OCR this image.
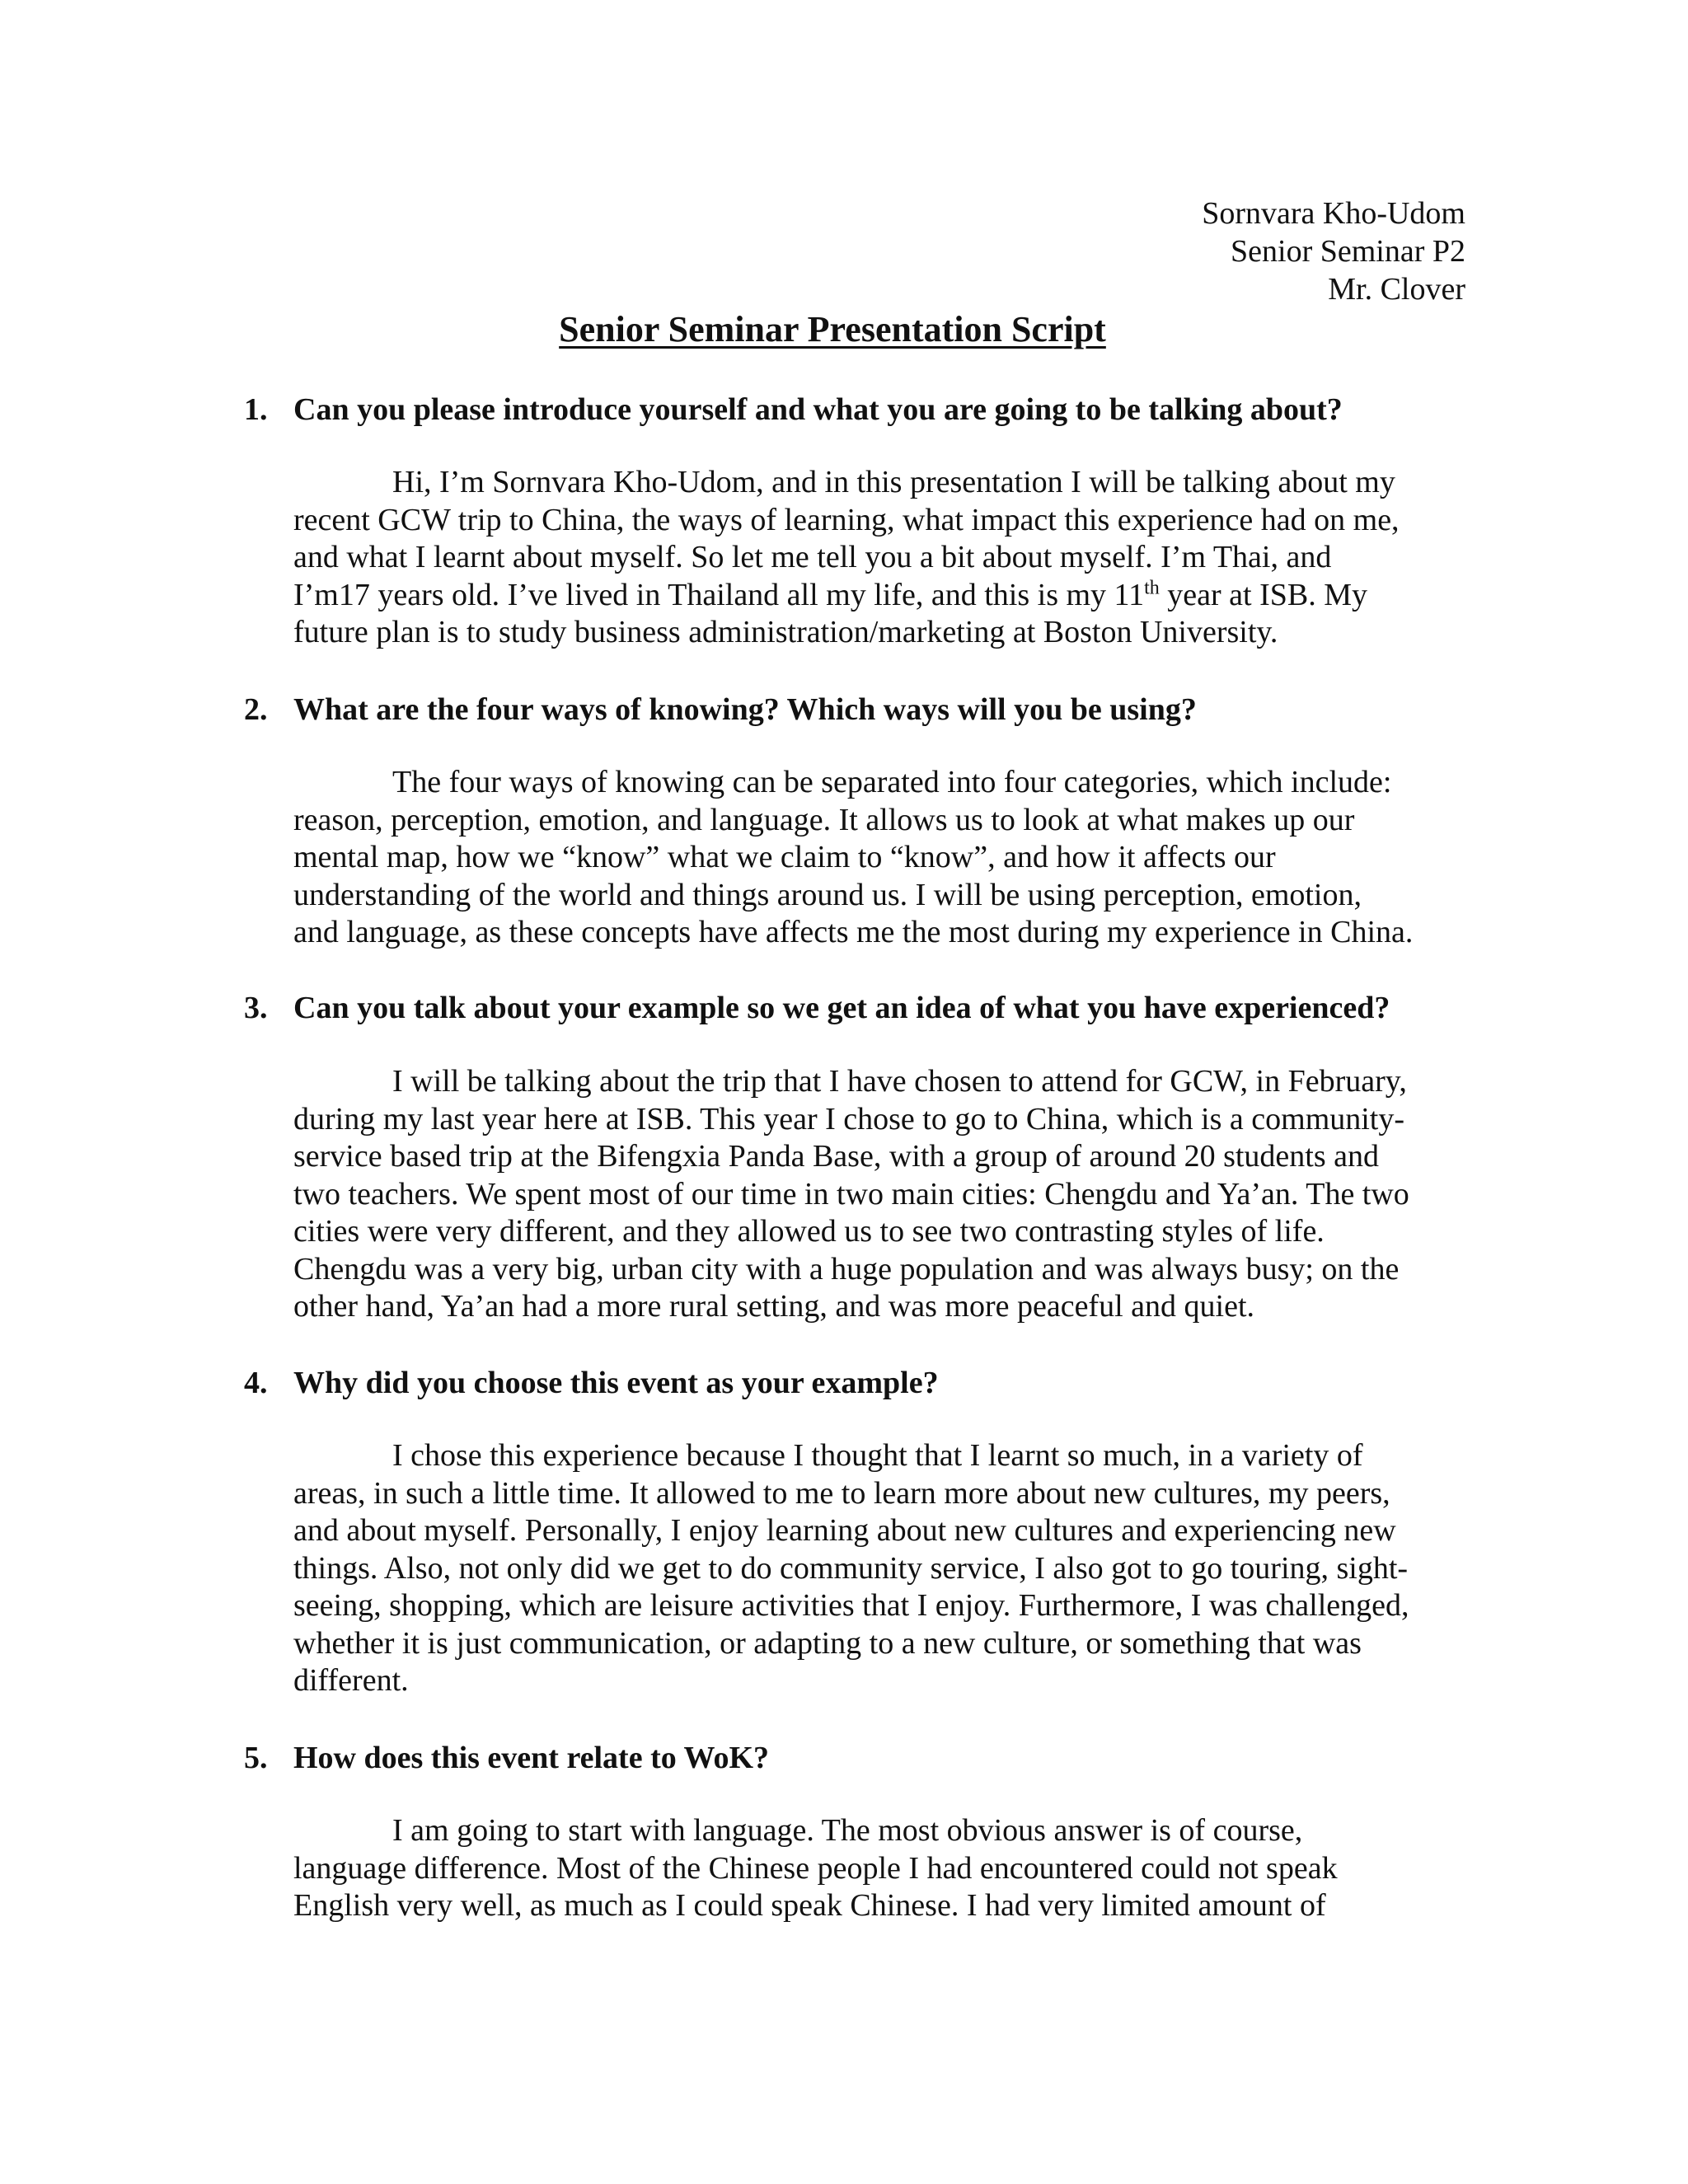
Sornvara Kho-Udom
Senior Seminar P2
Mr. Clover
Senior Seminar Presentation Script
1. Can you please introduce yourself and what you are going to be talking about?
Hi, I’m Sornvara Kho-Udom, and in this presentation I will be talking about my
recent GCW trip to China, the ways of learning, what impact this experience had on me,
and what I learnt about myself. So let me tell you a bit about myself. I’m Thai, and
I’m17 years old. I’ve lived in Thailand all my life, and this is my 11th year at ISB. My
future plan is to study business administration/marketing at Boston University.
2. What are the four ways of knowing? Which ways will you be using?
The four ways of knowing can be separated into four categories, which include:
reason, perception, emotion, and language. It allows us to look at what makes up our
mental map, how we “know” what we claim to “know”, and how it affects our
understanding of the world and things around us. I will be using perception, emotion,
and language, as these concepts have affects me the most during my experience in China.
3. Can you talk about your example so we get an idea of what you have experienced?
I will be talking about the trip that I have chosen to attend for GCW, in February,
during my last year here at ISB. This year I chose to go to China, which is a community-
service based trip at the Bifengxia Panda Base, with a group of around 20 students and
two teachers. We spent most of our time in two main cities: Chengdu and Ya’an. The two
cities were very different, and they allowed us to see two contrasting styles of life.
Chengdu was a very big, urban city with a huge population and was always busy; on the
other hand, Ya’an had a more rural setting, and was more peaceful and quiet.
4. Why did you choose this event as your example?
I chose this experience because I thought that I learnt so much, in a variety of
areas, in such a little time. It allowed to me to learn more about new cultures, my peers,
and about myself. Personally, I enjoy learning about new cultures and experiencing new
things. Also, not only did we get to do community service, I also got to go touring, sight-
seeing, shopping, which are leisure activities that I enjoy. Furthermore, I was challenged,
whether it is just communication, or adapting to a new culture, or something that was
different.
5. How does this event relate to WoK?
I am going to start with language. The most obvious answer is of course,
language difference. Most of the Chinese people I had encountered could not speak
English very well, as much as I could speak Chinese. I had very limited amount of
